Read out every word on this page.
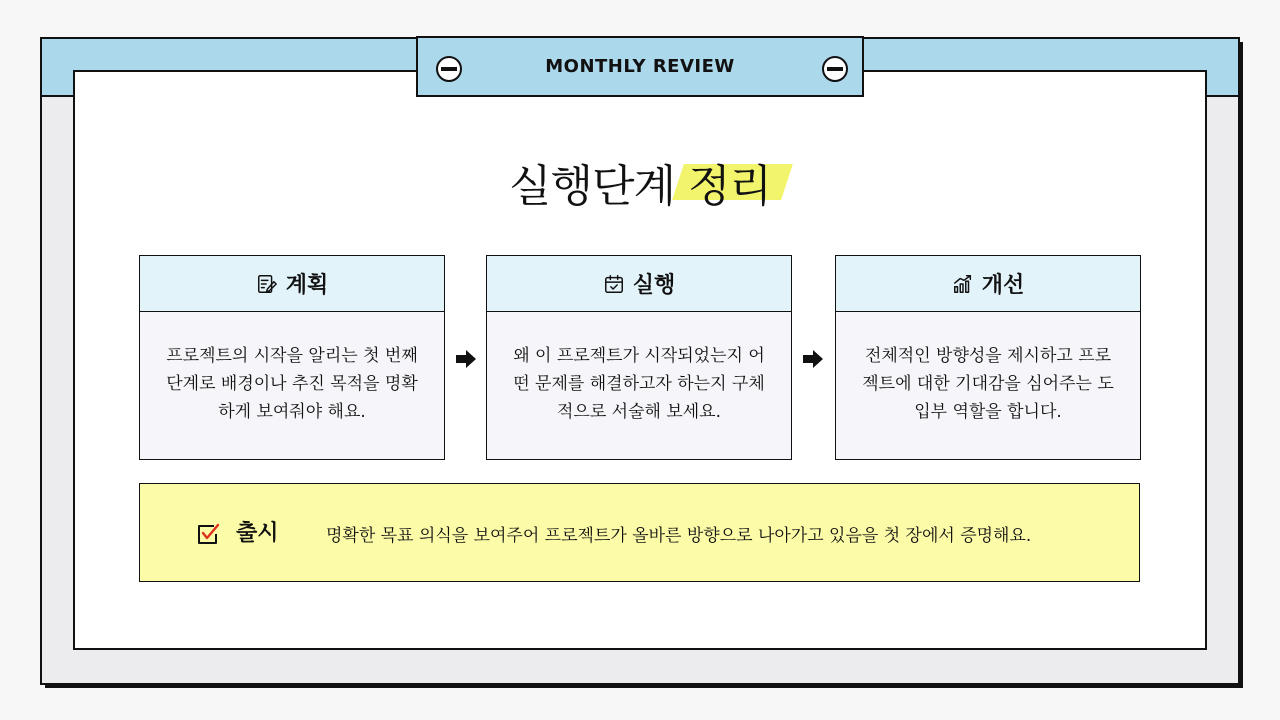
MONTHLY REVIEW
실행단계 정리
계획
프로젝트의 시작을 알리는 첫 번째 단계로 배경이나 추진 목적을 명확하게 보여줘야 해요.
실행
왜 이 프로젝트가 시작되었는지 어떤 문제를 해결하고자 하는지 구체적으로 서술해 보세요.
개선
전체적인 방향성을 제시하고 프로젝트에 대한 기대감을 심어주는 도입부 역할을 합니다.
출시	명확한 목표 의식을 보여주어 프로젝트가 올바른 방향으로 나아가고 있음을 첫 장에서 증명해요.
